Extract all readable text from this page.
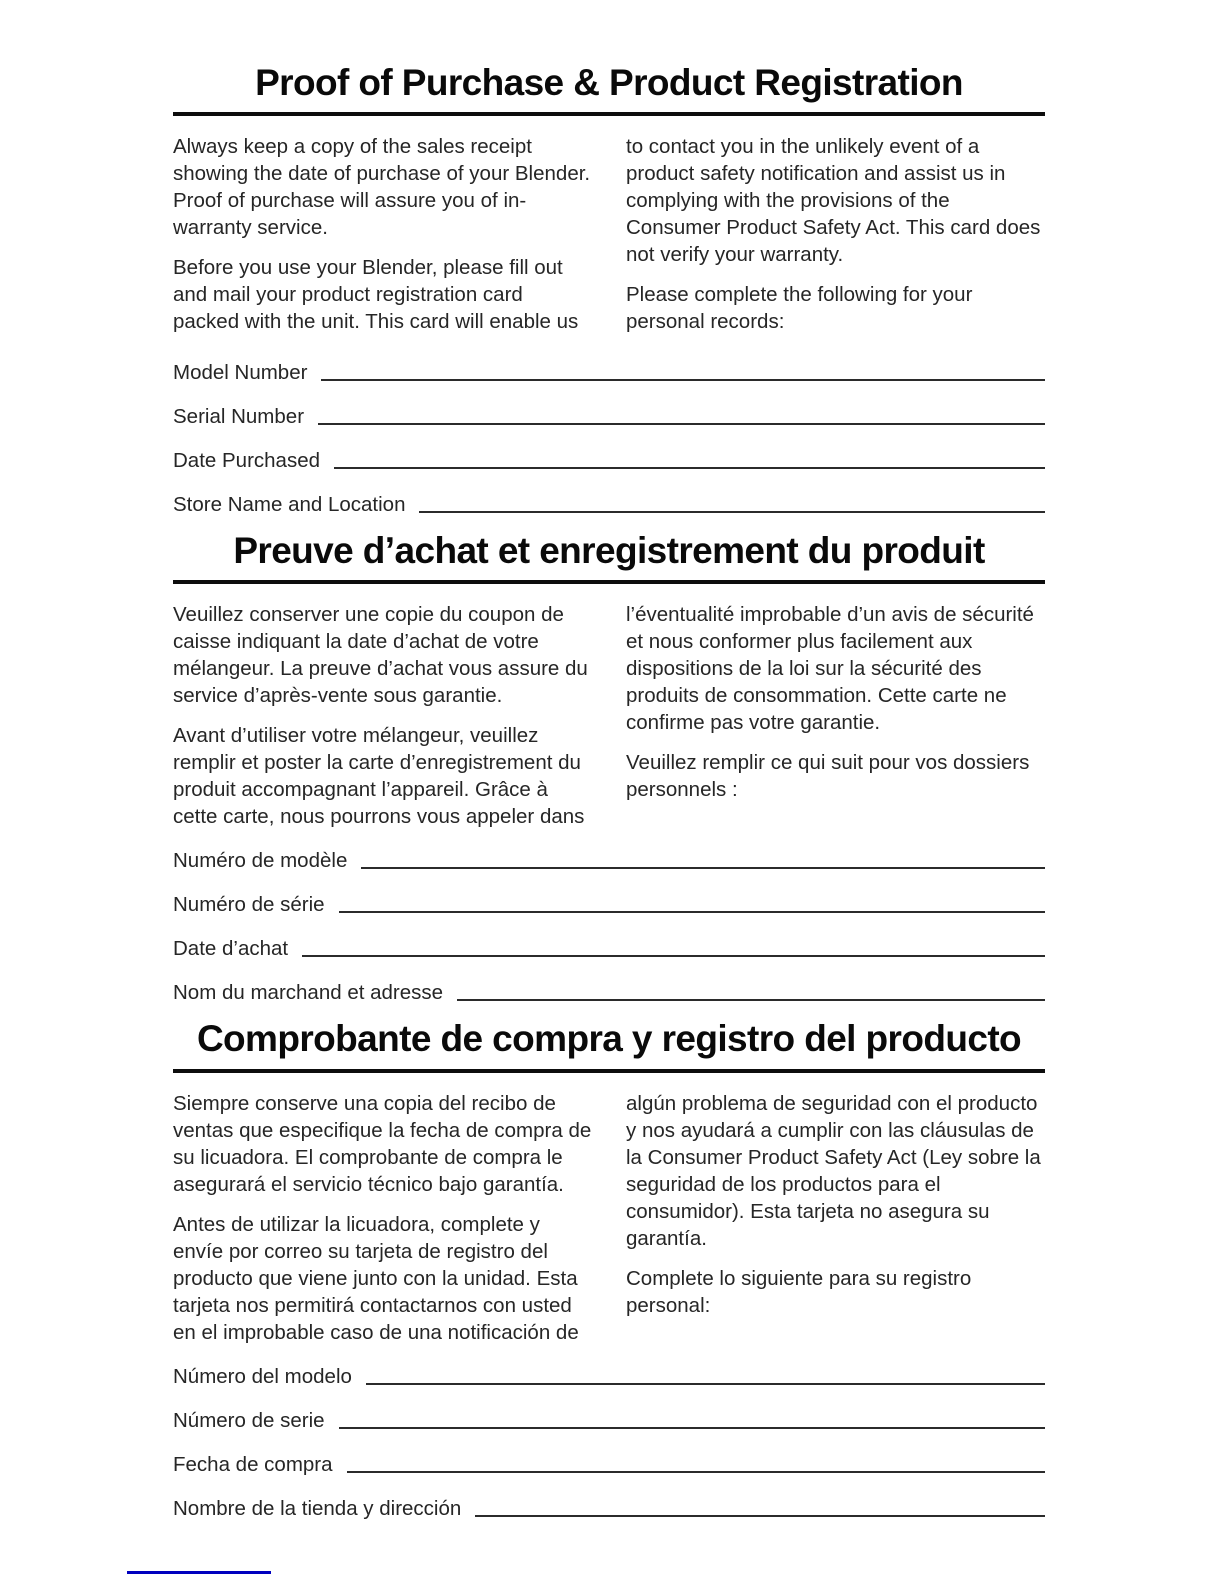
Proof of Purchase & Product Registration

Always keep a copy of the sales receipt showing the date of purchase of your Blender. Proof of purchase will assure you of in-warranty service.

Before you use your Blender, please fill out and mail your product registration card packed with the unit. This card will enable us to contact you in the unlikely event of a product safety notification and assist us in complying with the provisions of the Consumer Product Safety Act. This card does not verify your warranty.

Please complete the following for your personal records:

Model Number
Serial Number
Date Purchased
Store Name and Location
Preuve d’achat et enregistrement du produit

Veuillez conserver une copie du coupon de caisse indiquant la date d’achat de votre mélangeur. La preuve d’achat vous assure du service d’après-vente sous garantie.

Avant d’utiliser votre mélangeur, veuillez remplir et poster la carte d’enregistrement du produit accompagnant l’appareil. Grâce à cette carte, nous pourrons vous appeler dans l’éventualité improbable d’un avis de sécurité et nous conformer plus facilement aux dispositions de la loi sur la sécurité des produits de consommation. Cette carte ne confirme pas votre garantie.

Veuillez remplir ce qui suit pour vos dossiers personnels :

Numéro de modèle
Numéro de série
Date d’achat
Nom du marchand et adresse
Comprobante de compra y registro del producto

Siempre conserve una copia del recibo de ventas que especifique la fecha de compra de su licuadora. El comprobante de compra le asegurará el servicio técnico bajo garantía.

Antes de utilizar la licuadora, complete y envíe por correo su tarjeta de registro del producto que viene junto con la unidad. Esta tarjeta nos permitirá contactarnos con usted en el improbable caso de una notificación de algún problema de seguridad con el producto y nos ayudará a cumplir con las cláusulas de la Consumer Product Safety Act (Ley sobre la seguridad de los productos para el consumidor). Esta tarjeta no asegura su garantía.

Complete lo siguiente para su registro personal:

Número del modelo
Número de serie
Fecha de compra
Nombre de la tienda y dirección
